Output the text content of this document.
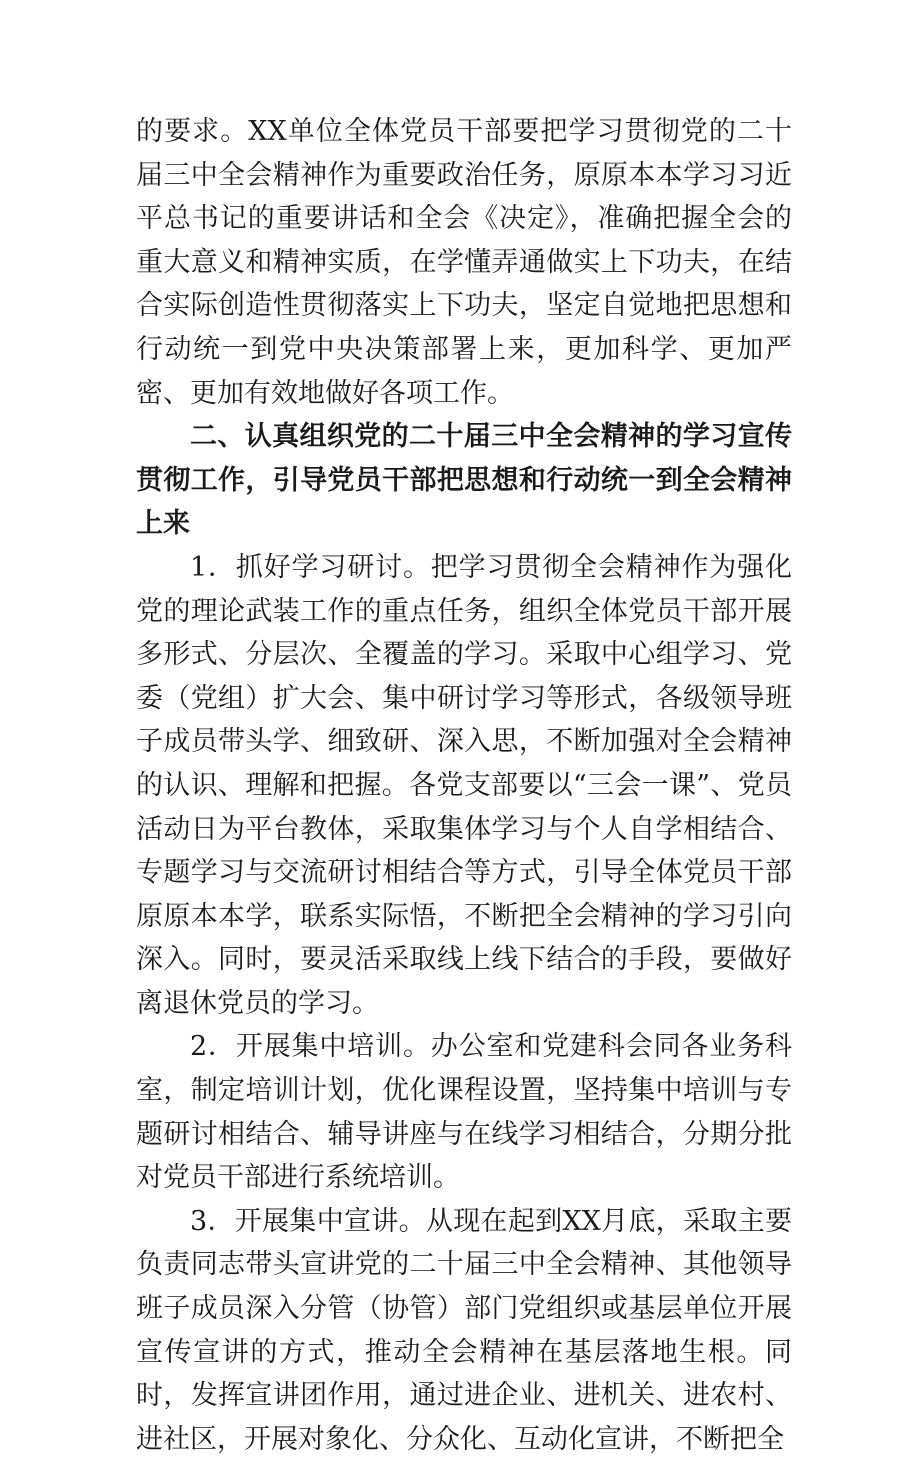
的要求。XX单位全体党员干部要把学习贯彻党的二十届三中全会精神作为重要政治任务，原原本本学习习近平总书记的重要讲话和全会《决定》，准确把握全会的重大意义和精神实质，在学懂弄通做实上下功夫，在结合实际创造性贯彻落实上下功夫，坚定自觉地把思想和行动统一到党中央决策部署上来，更加科学、更加严密、更加有效地做好各项工作。

二、认真组织党的二十届三中全会精神的学习宣传贯彻工作，引导党员干部把思想和行动统一到全会精神上来

1．抓好学习研讨。把学习贯彻全会精神作为强化党的理论武装工作的重点任务，组织全体党员干部开展多形式、分层次、全覆盖的学习。采取中心组学习、党委（党组）扩大会、集中研讨学习等形式，各级领导班子成员带头学、细致研、深入思，不断加强对全会精神的认识、理解和把握。各党支部要以“三会一课”、党员活动日为平台教体，采取集体学习与个人自学相结合、专题学习与交流研讨相结合等方式，引导全体党员干部原原本本学，联系实际悟，不断把全会精神的学习引向深入。同时，要灵活采取线上线下结合的手段，要做好离退休党员的学习。

2．开展集中培训。办公室和党建科会同各业务科室，制定培训计划，优化课程设置，坚持集中培训与专题研讨相结合、辅导讲座与在线学习相结合，分期分批对党员干部进行系统培训。

3．开展集中宣讲。从现在起到XX月底，采取主要负责同志带头宣讲党的二十届三中全会精神、其他领导班子成员深入分管（协管）部门党组织或基层单位开展宣传宣讲的方式，推动全会精神在基层落地生根。同时，发挥宣讲团作用，通过进企业、进机关、进农村、进社区，开展对象化、分众化、互动化宣讲，不断把全
